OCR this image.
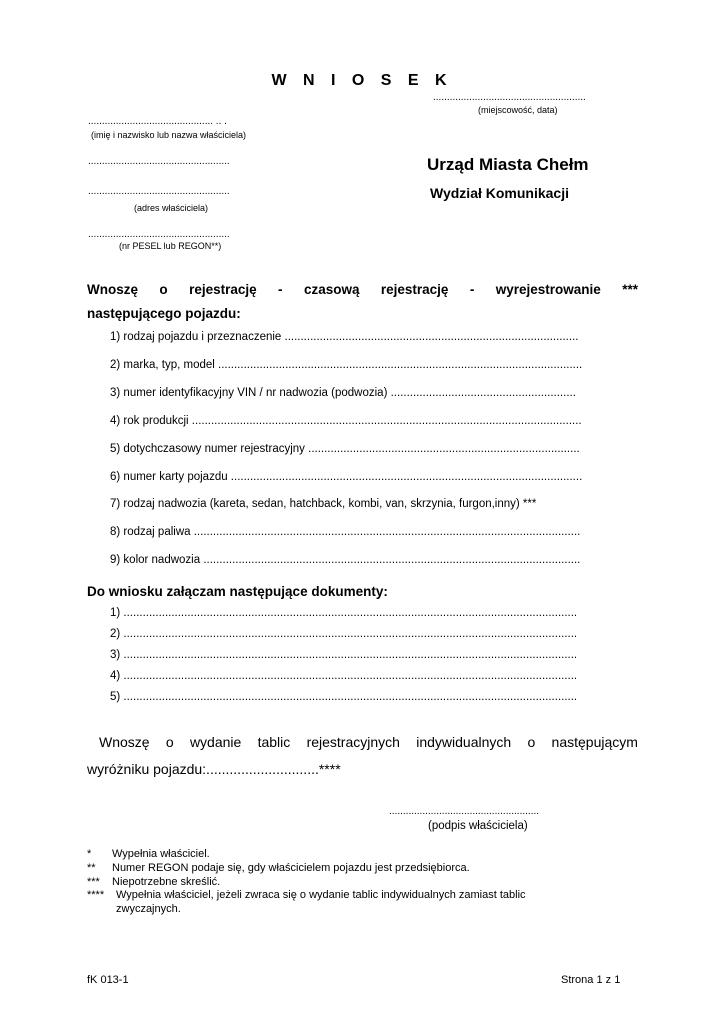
W N I O S E K
.......................................................
(miejscowość, data)
............................................. .. .
(imię i nazwisko lub nazwa właściciela)
...................................................
...................................................
(adres właściciela)
...................................................
(nr PESEL lub REGON**)
Urząd Miasta Chełm
Wydział Komunikacji
Wnoszę o rejestrację - czasową rejestrację - wyrejestrowanie ***
następującego pojazdu:
1) rodzaj pojazdu i przeznaczenie ............................................................................................
2) marka, typ, model ..................................................................................................................
3) numer identyfikacyjny VIN / nr nadwozia (podwozia) ..........................................................
4) rok produkcji ..........................................................................................................................
5) dotychczasowy numer rejestracyjny .....................................................................................
6) numer karty pojazdu ..............................................................................................................
7) rodzaj nadwozia (kareta, sedan, hatchback, kombi, van, skrzynia, furgon,inny) ***
8) rodzaj paliwa .........................................................................................................................
9) kolor nadwozia ......................................................................................................................
Do wniosku załączam następujące dokumenty:
1) ..............................................................................................................................................
2) ..............................................................................................................................................
3) ..............................................................................................................................................
4) ..............................................................................................................................................
5) ..............................................................................................................................................
Wnoszę o wydanie tablic rejestracyjnych indywidualnych o następującym
wyróżniku pojazdu:.............................****
......................................................
(podpis właściciela)
* Wypełnia właściciel.
** Numer REGON podaje się, gdy właścicielem pojazdu jest przedsiębiorca.
*** Niepotrzebne skreślić.
**** Wypełnia właściciel, jeżeli zwraca się o wydanie tablic indywidualnych zamiast tablic
zwyczajnych.
fK 013-1	Strona 1 z 1
